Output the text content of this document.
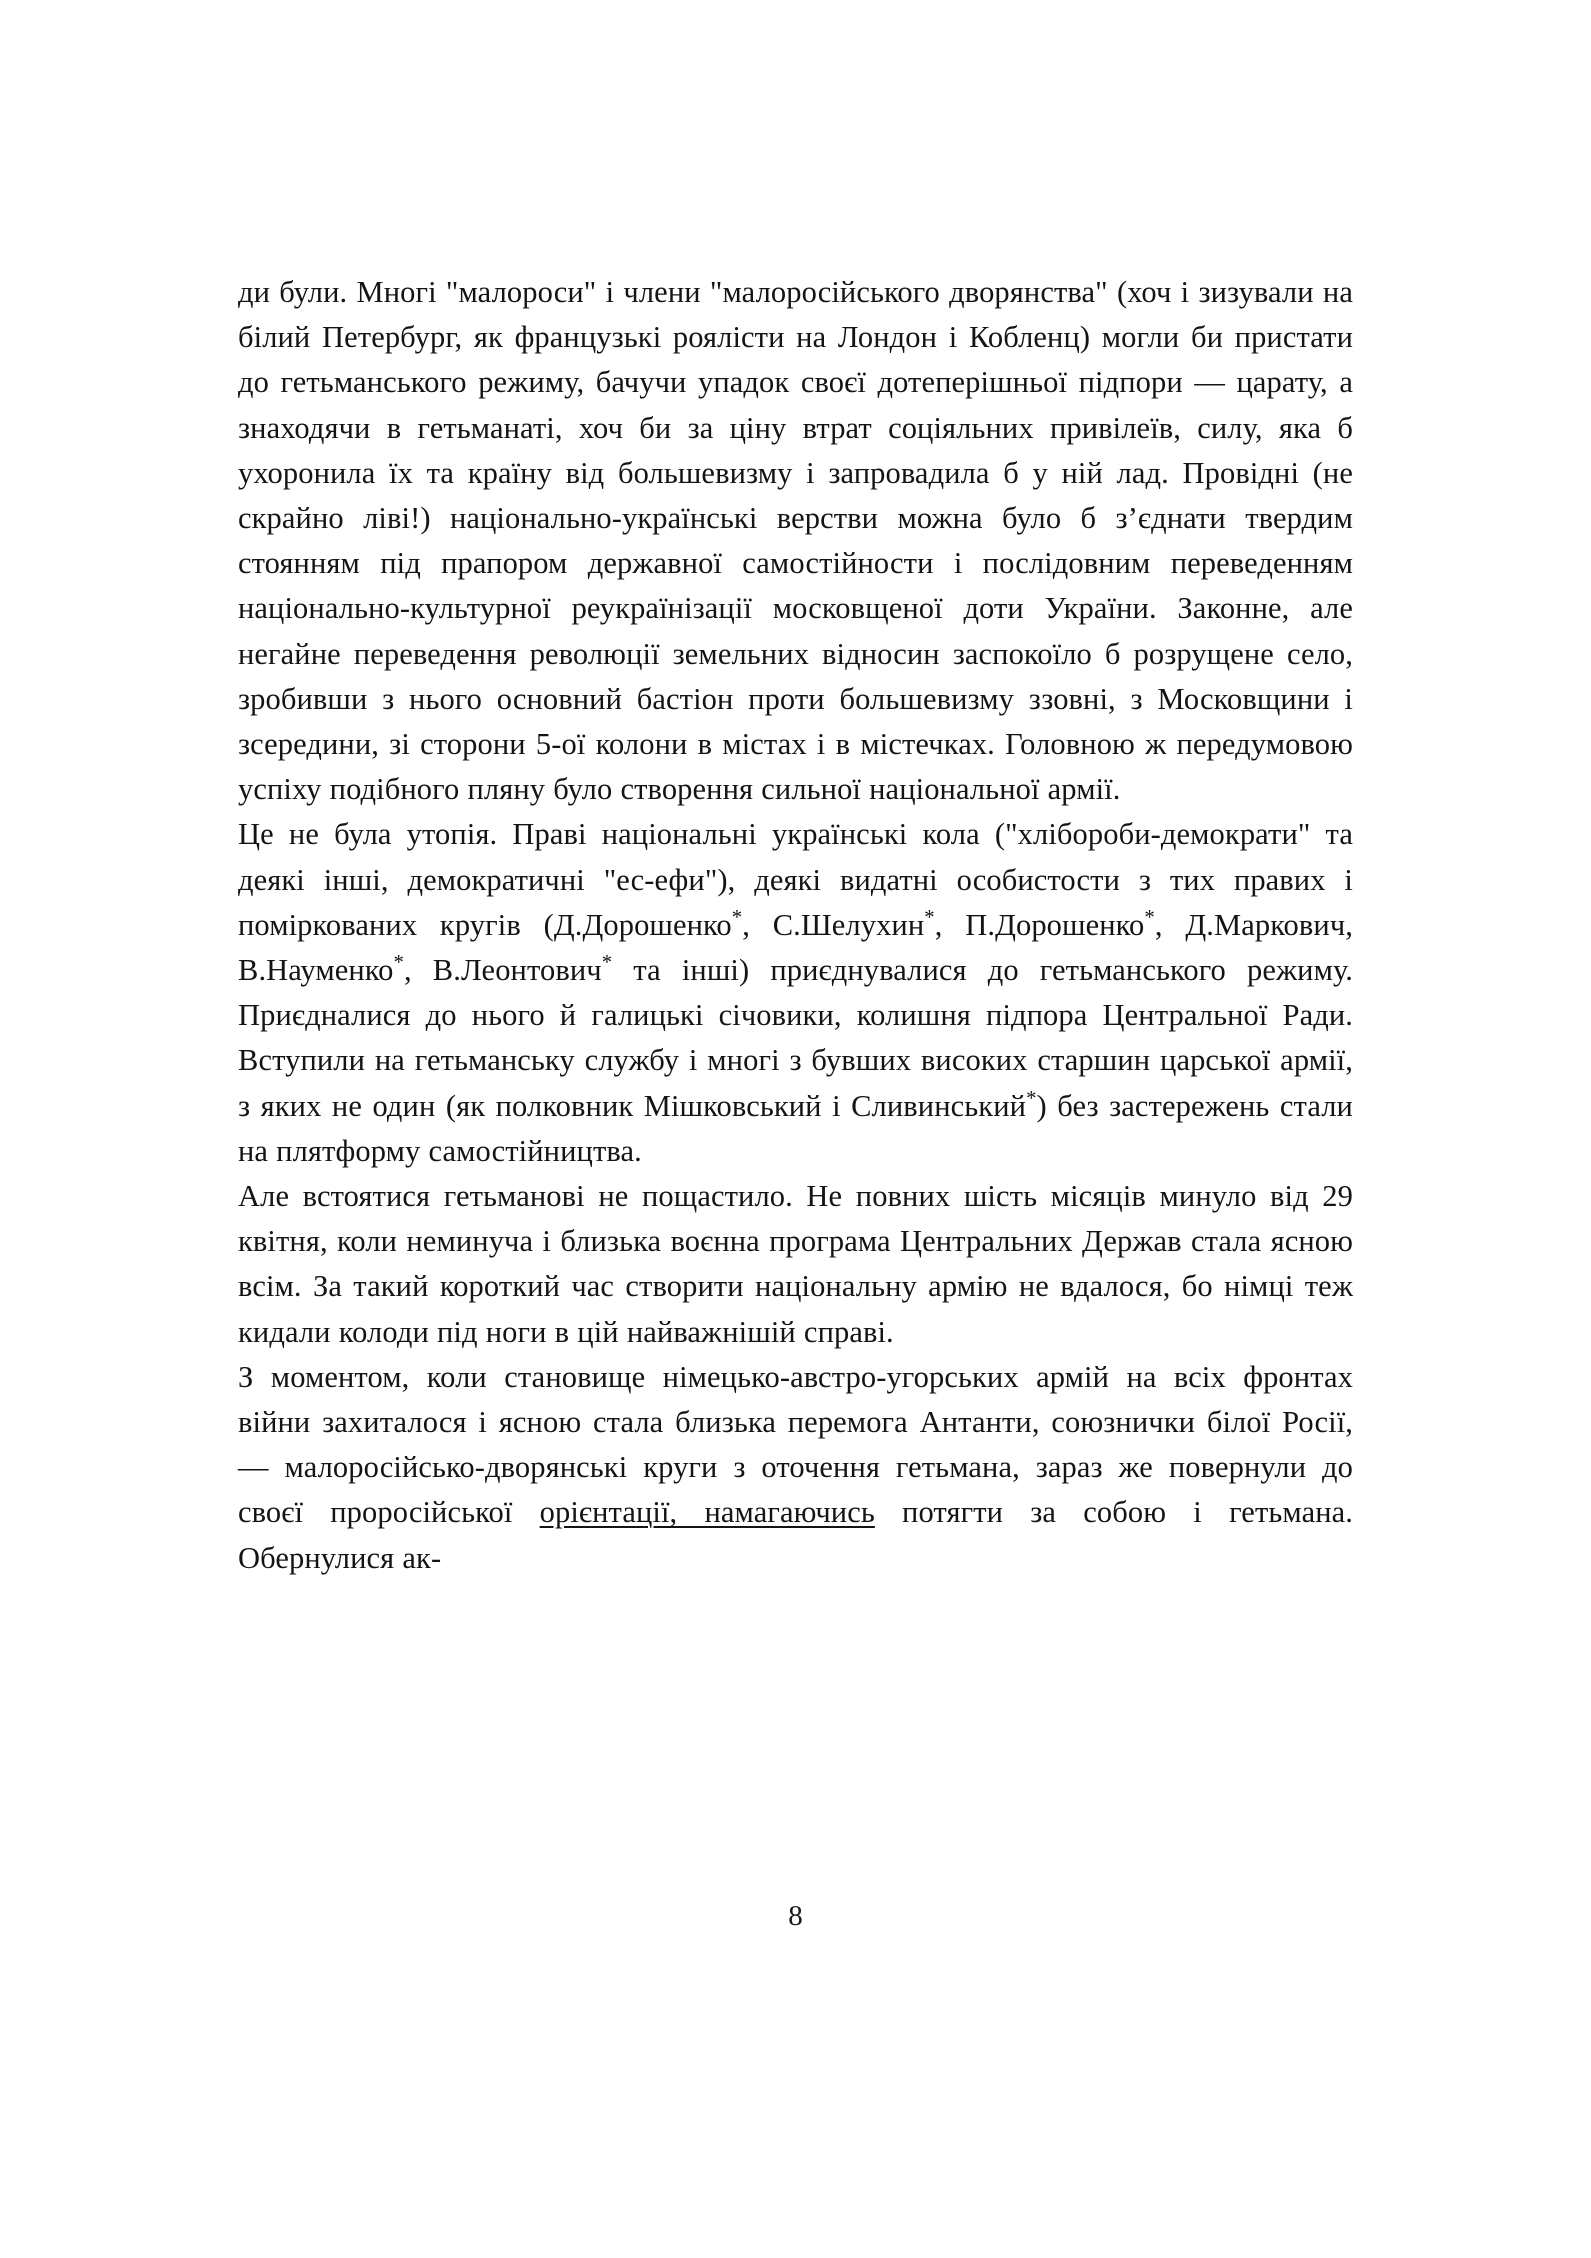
ди були. Многі "малороси" і члени "малоросійського дворянства" (хоч і зизували на білий Петербург, як французькі роялісти на Лондон і Кобленц) могли би пристати до гетьманського режиму, бачучи упадок своєї дотеперішньої підпори — царату, а знаходячи в гетьманаті, хоч би за ціну втрат соціяльних привілеїв, силу, яка б ухоронила їх та країну від большевизму і запровадила б у ній лад. Провідні (не скрайно ліві!) національно-українські верстви можна було б з’єднати твердим стоянням під прапором державної самостійности і послідовним переведенням національно-культурної реукраїнізації московщеної доти України. Законне, але негайне переведення революції земельних відносин заспокоїло б розрущене село, зробивши з нього основний бастіон проти большевизму ззовні, з Московщини і зсередини, зі сторони 5-ої колони в містах і в містечках. Головною ж передумовою успіху подібного пляну було створення сильної національної армії.

Це не була утопія. Праві національні українські кола ("хлібороби-демократи" та деякі інші, демократичні "ес-ефи"), деякі видатні особистости з тих правих і поміркованих кругів (Д.Дорошенко*, С.Шелухин*, П.Дорошенко*, Д.Маркович, В.Науменко*, В.Леонтович* та інші) приєднувалися до гетьманського режиму. Приєдналися до нього й галицькі січовики, колишня підпора Центральної Ради. Вступили на гетьманську службу і многі з бувших високих старшин царської армії, з яких не один (як полковник Мішковський і Сливинський*) без застережень стали на плятформу самостійництва.

Але встоятися гетьманові не пощастило. Не повних шість місяців минуло від 29 квітня, коли неминуча і близька воєнна програма Центральних Держав стала ясною всім. За такий короткий час створити національну армію не вдалося, бо німці теж кидали колоди під ноги в цій найважнішій справі.

З моментом, коли становище німецько-австро-угорських армій на всіх фронтах війни захиталося і ясною стала близька перемога Антанти, союзнички білої Росії, — малоросійсько-дворянські круги з оточення гетьмана, зараз же повернули до своєї проросійської орієнтації, намагаючись потягти за собою і гетьмана. Обернулися ак-

8
